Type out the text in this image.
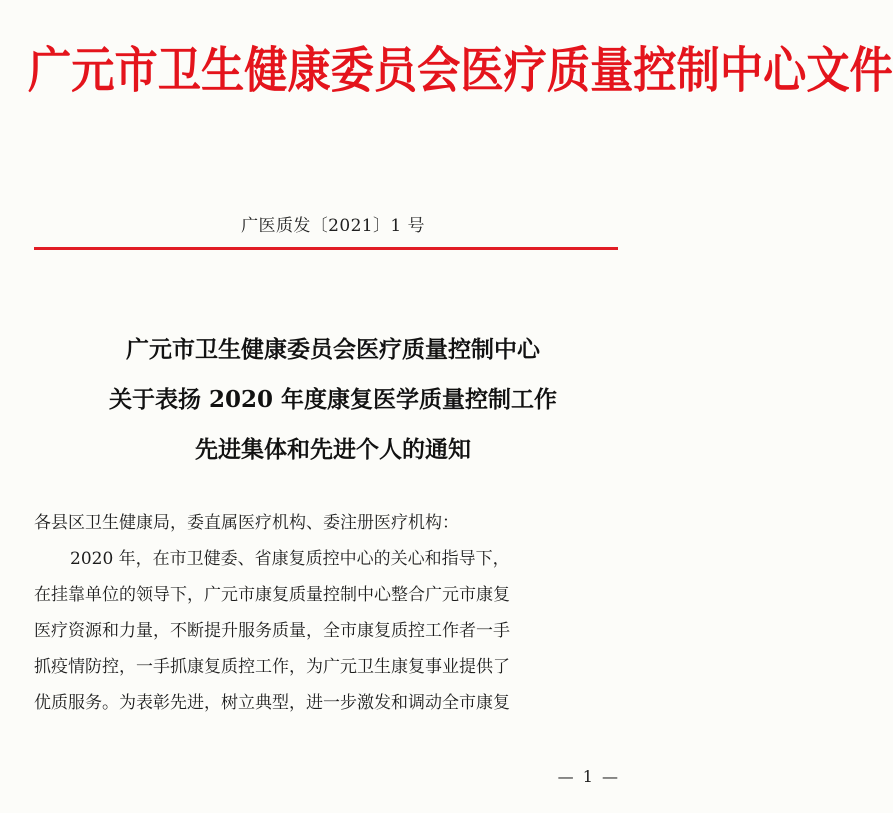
广元市卫生健康委员会医疗质量控制中心文件
广医质发〔2021〕1 号
广元市卫生健康委员会医疗质量控制中心
关于表扬 2020 年度康复医学质量控制工作
先进集体和先进个人的通知
各县区卫生健康局，委直属医疗机构、委注册医疗机构：
2020 年，在市卫健委、省康复质控中心的关心和指导下，
在挂靠单位的领导下，广元市康复质量控制中心整合广元市康复
医疗资源和力量，不断提升服务质量，全市康复质控工作者一手
抓疫情防控，一手抓康复质控工作，为广元卫生康复事业提供了
优质服务。为表彰先进，树立典型，进一步激发和调动全市康复
— 1 —
